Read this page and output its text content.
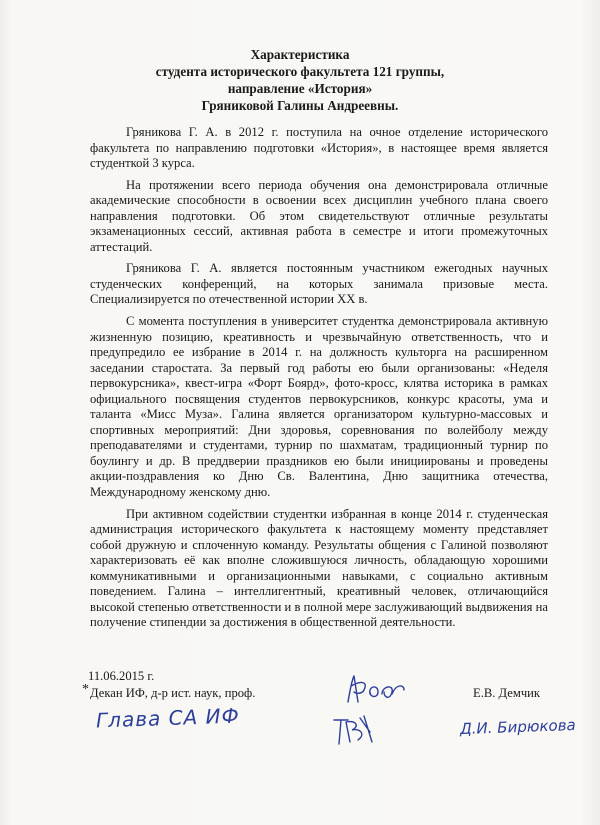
Характеристика
студента исторического факультета 121 группы,
направление «История»
Гряниковой Галины Андреевны.

Гряникова Г. А. в 2012 г. поступила на очное отделение исторического факультета по направлению подготовки «История», в настоящее время является студенткой 3 курса.

На протяжении всего периода обучения она демонстрировала отличные академические способности в освоении всех дисциплин учебного плана своего направления подготовки. Об этом свидетельствуют отличные результаты экзаменационных сессий, активная работа в семестре и итоги промежуточных аттестаций.

Гряникова Г. А. является постоянным участником ежегодных научных студенческих конференций, на которых занимала призовые места. Специализируется по отечественной истории XX в.

С момента поступления в университет студентка демонстрировала активную жизненную позицию, креативность и чрезвычайную ответственность, что и предупредило ее избрание в 2014 г. на должность культорга на расширенном заседании старостата. За первый год работы ею были организованы: «Неделя первокурсника», квест-игра «Форт Боярд», фото-кросс, клятва историка в рамках официального посвящения студентов первокурсников, конкурс красоты, ума и таланта «Мисс Муза». Галина является организатором культурно-массовых и спортивных мероприятий: Дни здоровья, соревнования по волейболу между преподавателями и студентами, турнир по шахматам, традиционный турнир по боулингу и др. В преддверии праздников ею были инициированы и проведены акции-поздравления ко Дню Св. Валентина, Дню защитника отечества, Международному женскому дню.

При активном содействии студентки избранная в конце 2014 г. студенческая администрация исторического факультета к настоящему моменту представляет собой дружную и сплоченную команду. Результаты общения с Галиной позволяют характеризовать её как вполне сложившуюся личность, обладающую хорошими коммуникативными и организационными навыками, с социально активным поведением. Галина – интеллигентный, креативный человек, отличающийся высокой степенью ответственности и в полной мере заслуживающий выдвижения на получение стипендии за достижения в общественной деятельности.

11.06.2015 г.
* Декан ИФ, д-р ист. наук, проф.	Е.В. Демчик
Глава СА ИФ	Д.И. Бирюкова
